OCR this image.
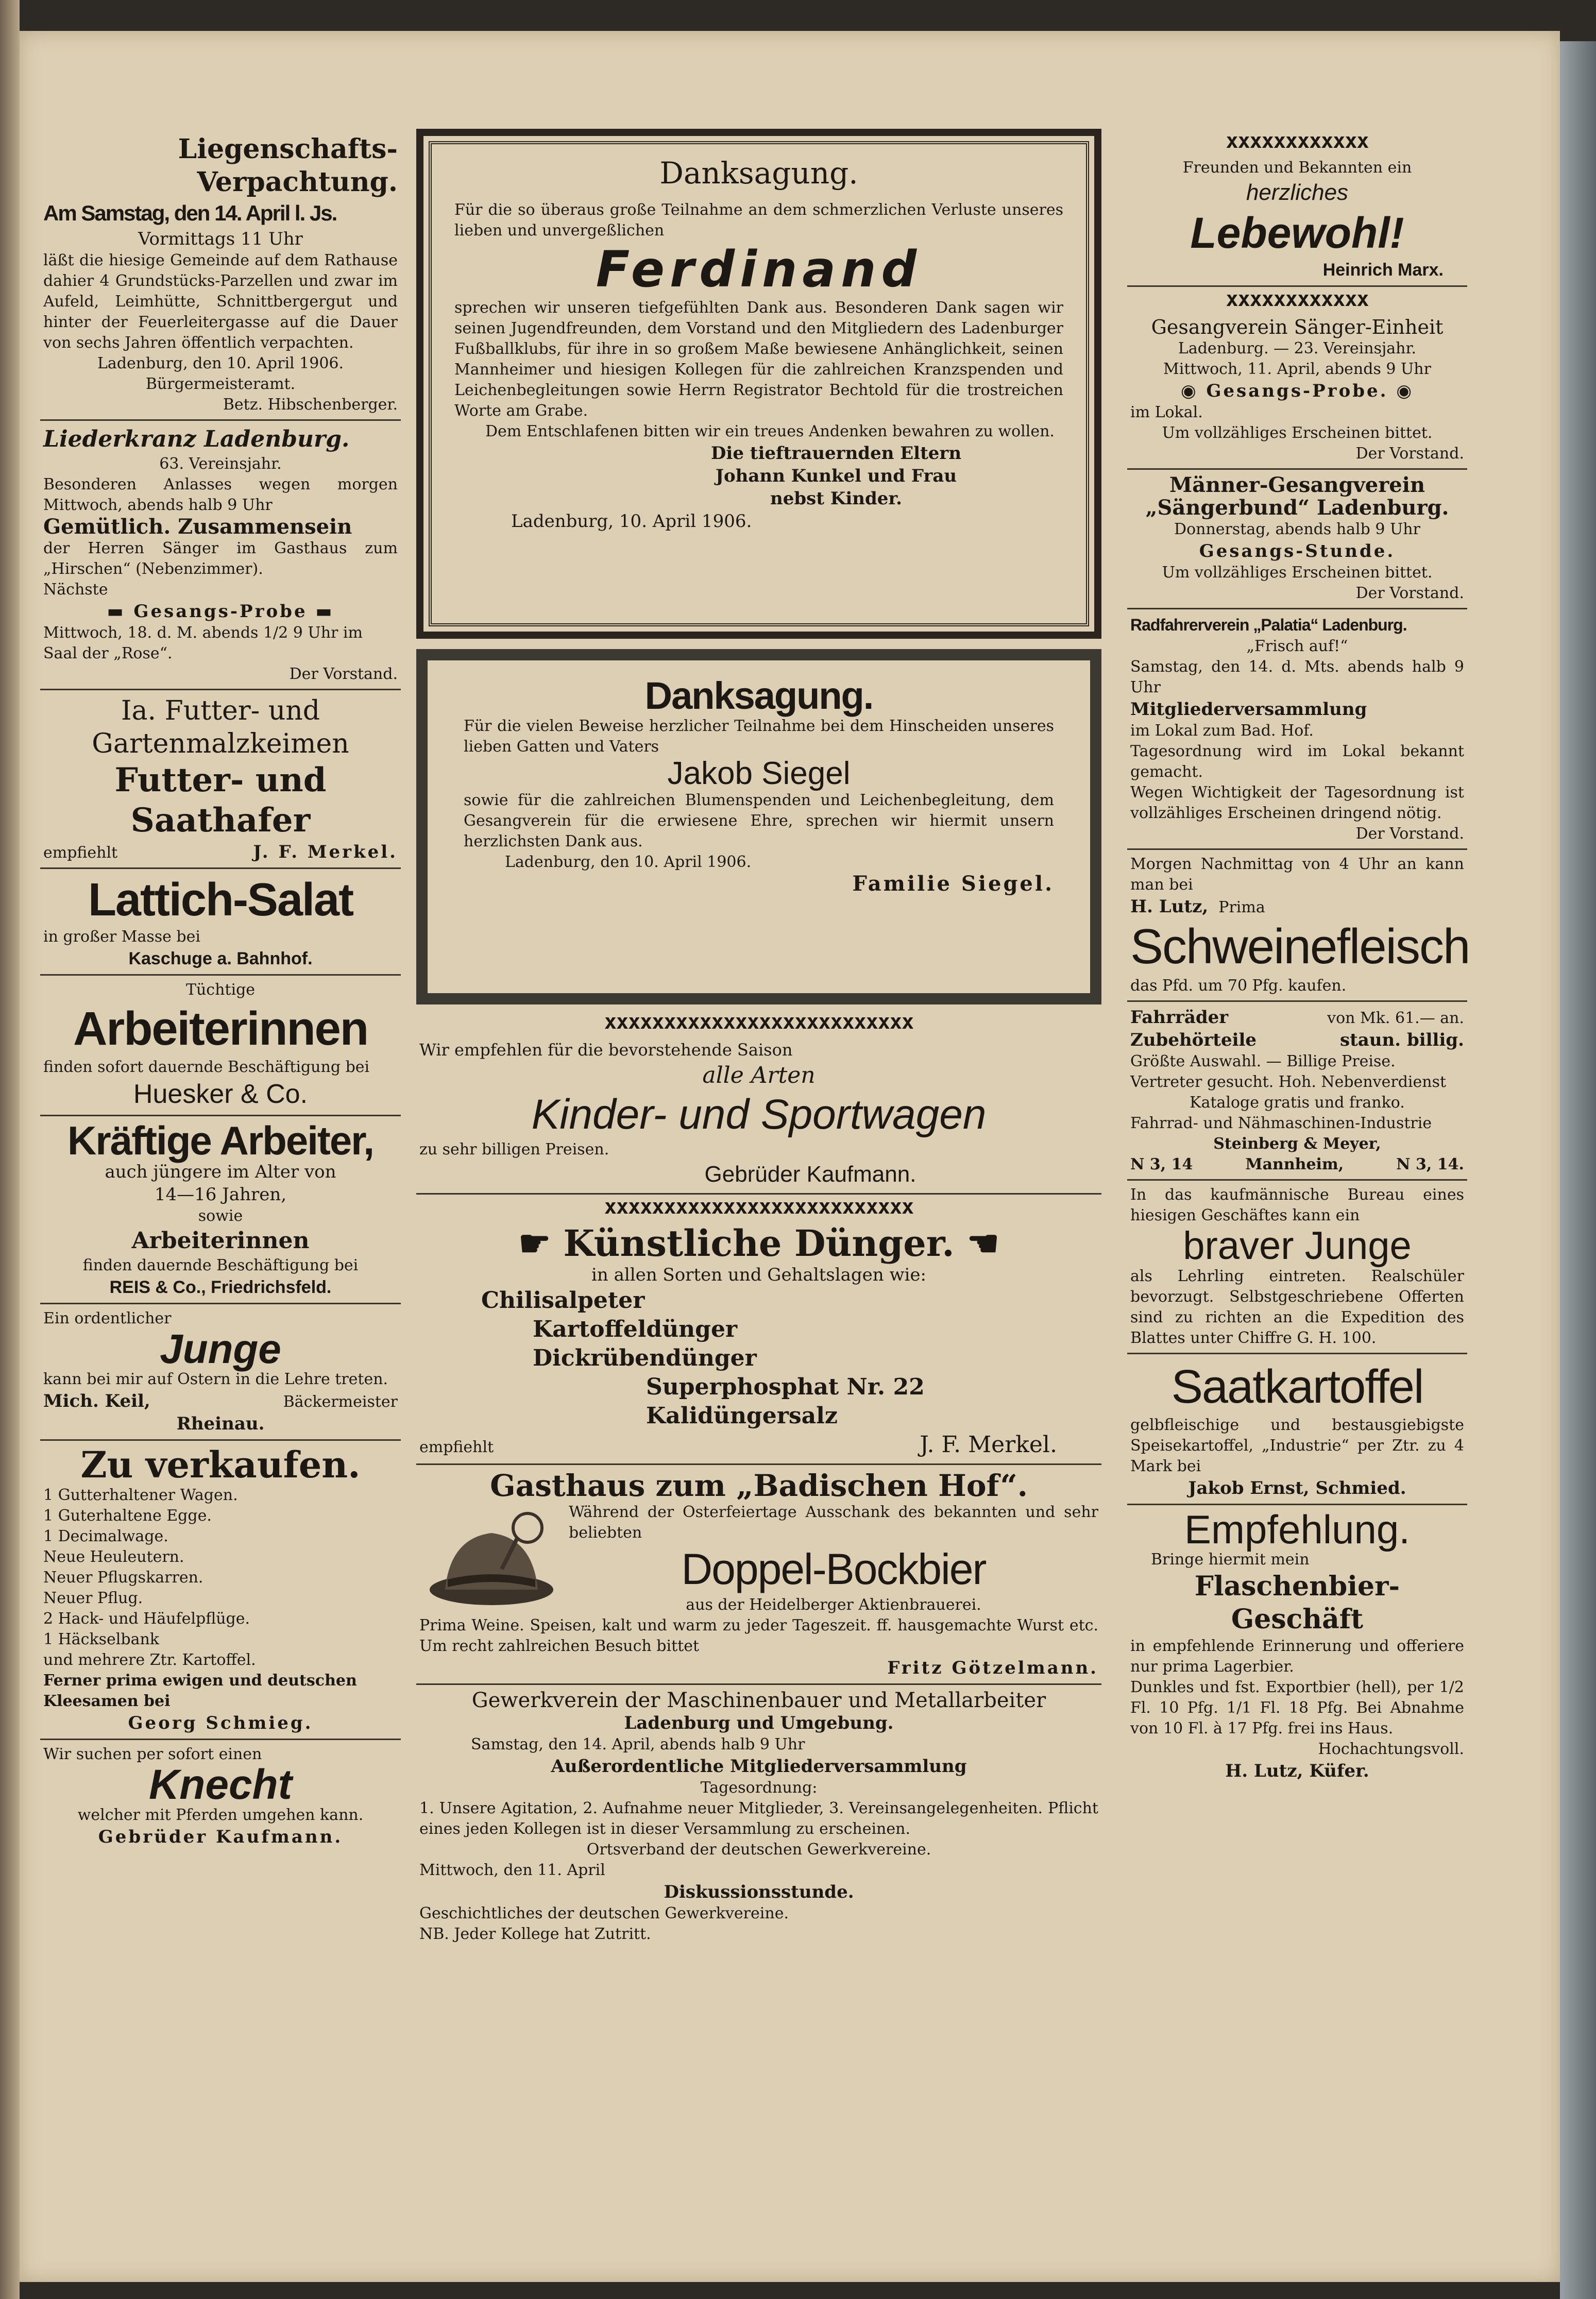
Liegenschafts-
Verpachtung.
Am Samstag, den 14. April l. Js.
Vormittags 11 Uhr
läßt die hiesige Gemeinde auf dem Rathause dahier 4 Grundstücks-Parzellen und zwar im Aufeld, Leimhütte, Schnittbergergut und hinter der Feuerleitergasse auf die Dauer von sechs Jahren öffentlich verpachten.
Ladenburg, den 10. April 1906.
Bürgermeisteramt.
Betz. Hibschenberger.
Liederkranz Ladenburg.
63. Vereinsjahr.
Besonderen Anlasses wegen morgen Mittwoch, abends halb 9 Uhr
Gemütlich. Zusammensein
der Herren Sänger im Gasthaus zum „Hirschen“ (Nebenzimmer).
Nächste
▬ Gesangs-Probe ▬
Mittwoch, 18. d. M. abends 1/2 9 Uhr im Saal der „Rose“.
Der Vorstand.
Ia. Futter- und
Gartenmalzkeimen
Futter- und
Saathafer
empfiehlt	J. F. Merkel.
Lattich-Salat
in großer Masse bei
Kaschuge a. Bahnhof.
Tüchtige
Arbeiterinnen
finden sofort dauernde Beschäftigung bei
Huesker & Co.
Kräftige Arbeiter,
auch jüngere im Alter von
14—16 Jahren,
sowie
Arbeiterinnen
finden dauernde Beschäftigung bei
REIS & Co., Friedrichsfeld.
Ein ordentlicher
Junge
kann bei mir auf Ostern in die Lehre treten.
Mich. Keil,	Bäckermeister
Rheinau.
Zu verkaufen.
1 Gutterhaltener Wagen.
1 Guterhaltene Egge.
1 Decimalwage.
Neue Heuleutern.
Neuer Pflugskarren.
Neuer Pflug.
2 Hack- und Häufelpflüge.
1 Häckselbank
und mehrere Ztr. Kartoffel.
Ferner prima ewigen und deutschen Kleesamen bei
Georg Schmieg.
Wir suchen per sofort einen
Knecht
welcher mit Pferden umgehen kann.
Gebrüder Kaufmann.
Danksagung.
Für die so überaus große Teilnahme an dem schmerzlichen Verluste unseres lieben und unvergeßlichen
Ferdinand
sprechen wir unseren tiefgefühlten Dank aus. Besonderen Dank sagen wir seinen Jugendfreunden, dem Vorstand und den Mitgliedern des Ladenburger Fußballklubs, für ihre in so großem Maße bewiesene Anhänglichkeit, seinen Mannheimer und hiesigen Kollegen für die zahlreichen Kranzspenden und Leichenbegleitungen sowie Herrn Registrator Bechtold für die trostreichen Worte am Grabe.
Dem Entschlafenen bitten wir ein treues Andenken bewahren zu wollen.
Die tieftrauernden Eltern
Johann Kunkel und Frau
nebst Kinder.
Ladenburg, 10. April 1906.
Danksagung.
Für die vielen Beweise herzlicher Teilnahme bei dem Hinscheiden unseres lieben Gatten und Vaters
Jakob Siegel
sowie für die zahlreichen Blumenspenden und Leichenbegleitung, dem Gesangverein für die erwiesene Ehre, sprechen wir hiermit unsern herzlichsten Dank aus.
Ladenburg, den 10. April 1906.
Familie Siegel.
xxxxxxxxxxxxxxxxxxxxxxxxxx
Wir empfehlen für die bevorstehende Saison
alle Arten
Kinder- und Sportwagen
zu sehr billigen Preisen.
Gebrüder Kaufmann.
xxxxxxxxxxxxxxxxxxxxxxxxxx
☛ Künstliche Dünger. ☚
in allen Sorten und Gehaltslagen wie:
Chilisalpeter
Kartoffeldünger
Dickrübendünger
Superphosphat Nr. 22
Kalidüngersalz
empfiehlt	J. F. Merkel.
Gasthaus zum „Badischen Hof“.
Während der Osterfeiertage Ausschank des bekannten und sehr beliebten
Doppel-Bockbier
aus der Heidelberger Aktienbrauerei.
Prima Weine. Speisen, kalt und warm zu jeder Tageszeit. ff. hausgemachte Wurst etc. Um recht zahlreichen Besuch bittet
Fritz Götzelmann.
Gewerkverein der Maschinenbauer und Metallarbeiter
Ladenburg und Umgebung.
Samstag, den 14. April, abends halb 9 Uhr
Außerordentliche Mitgliederversammlung
Tagesordnung:
1. Unsere Agitation, 2. Aufnahme neuer Mitglieder, 3. Vereinsangelegenheiten. Pflicht eines jeden Kollegen ist in dieser Versammlung zu erscheinen.
Ortsverband der deutschen Gewerkvereine.
Mittwoch, den 11. April
Diskussionsstunde.
Geschichtliches der deutschen Gewerkvereine.
NB. Jeder Kollege hat Zutritt.
xxxxxxxxxxxx
Freunden und Bekannten ein
herzliches
Lebewohl!
Heinrich Marx.
xxxxxxxxxxxx
Gesangverein Sänger-Einheit
Ladenburg. — 23. Vereinsjahr.
Mittwoch, 11. April, abends 9 Uhr
◉ Gesangs-Probe. ◉
im Lokal.
Um vollzähliges Erscheinen bittet.
Der Vorstand.
Männer-Gesangverein
„Sängerbund“ Ladenburg.
Donnerstag, abends halb 9 Uhr
Gesangs-Stunde.
Um vollzähliges Erscheinen bittet.
Der Vorstand.
Radfahrerverein „Palatia“ Ladenburg.
„Frisch auf!“
Samstag, den 14. d. Mts. abends halb 9 Uhr
Mitgliederversammlung
im Lokal zum Bad. Hof.
Tagesordnung wird im Lokal bekannt gemacht.
Wegen Wichtigkeit der Tagesordnung ist vollzähliges Erscheinen dringend nötig.
Der Vorstand.
Morgen Nachmittag von 4 Uhr an kann man bei
H. Lutz, Prima
Schweinefleisch
das Pfd. um 70 Pfg. kaufen.
Fahrräder	von Mk. 61.— an.
Zubehörteile	staun. billig.
Größte Auswahl. — Billige Preise.
Vertreter gesucht. Hoh. Nebenverdienst
Kataloge gratis und franko.
Fahrrad- und Nähmaschinen-Industrie
Steinberg & Meyer,
N 3, 14	Mannheim,	N 3, 14.
In das kaufmännische Bureau eines hiesigen Geschäftes kann ein
braver Junge
als Lehrling eintreten. Realschüler bevorzugt. Selbstgeschriebene Offerten sind zu richten an die Expedition des Blattes unter Chiffre G. H. 100.
Saatkartoffel
gelbfleischige und bestausgiebigste Speisekartoffel, „Industrie“ per Ztr. zu 4 Mark bei
Jakob Ernst, Schmied.
Empfehlung.
Bringe hiermit mein
Flaschenbier-
Geschäft
in empfehlende Erinnerung und offeriere nur prima Lagerbier.
Dunkles und fst. Exportbier (hell), per 1/2 Fl. 10 Pfg. 1/1 Fl. 18 Pfg. Bei Abnahme von 10 Fl. à 17 Pfg. frei ins Haus.
Hochachtungsvoll.
H. Lutz, Küfer.
